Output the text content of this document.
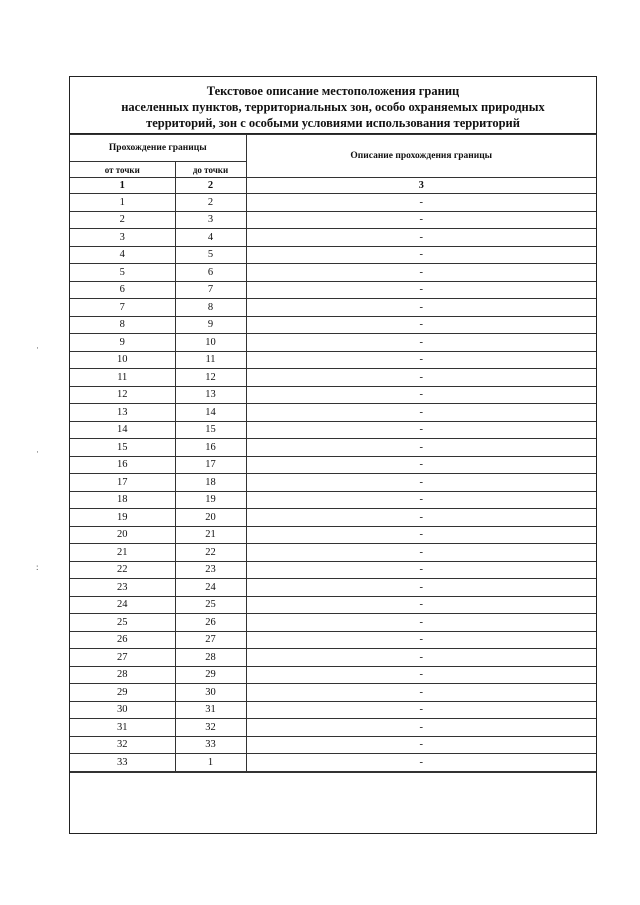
·
·
:
Текстовое описание местоположения границ
населенных пунктов, территориальных зон, особо охраняемых природных
территорий, зон с особыми условиями использования территорий
Прохождение границы		Описание прохождения границы
от точки	до точки	
1	2	3
1	2	-
2	3	-
3	4	-
4	5	-
5	6	-
6	7	-
7	8	-
8	9	-
9	10	-
10	11	-
11	12	-
12	13	-
13	14	-
14	15	-
15	16	-
16	17	-
17	18	-
18	19	-
19	20	-
20	21	-
21	22	-
22	23	-
23	24	-
24	25	-
25	26	-
26	27	-
27	28	-
28	29	-
29	30	-
30	31	-
31	32	-
32	33	-
33	1	-
